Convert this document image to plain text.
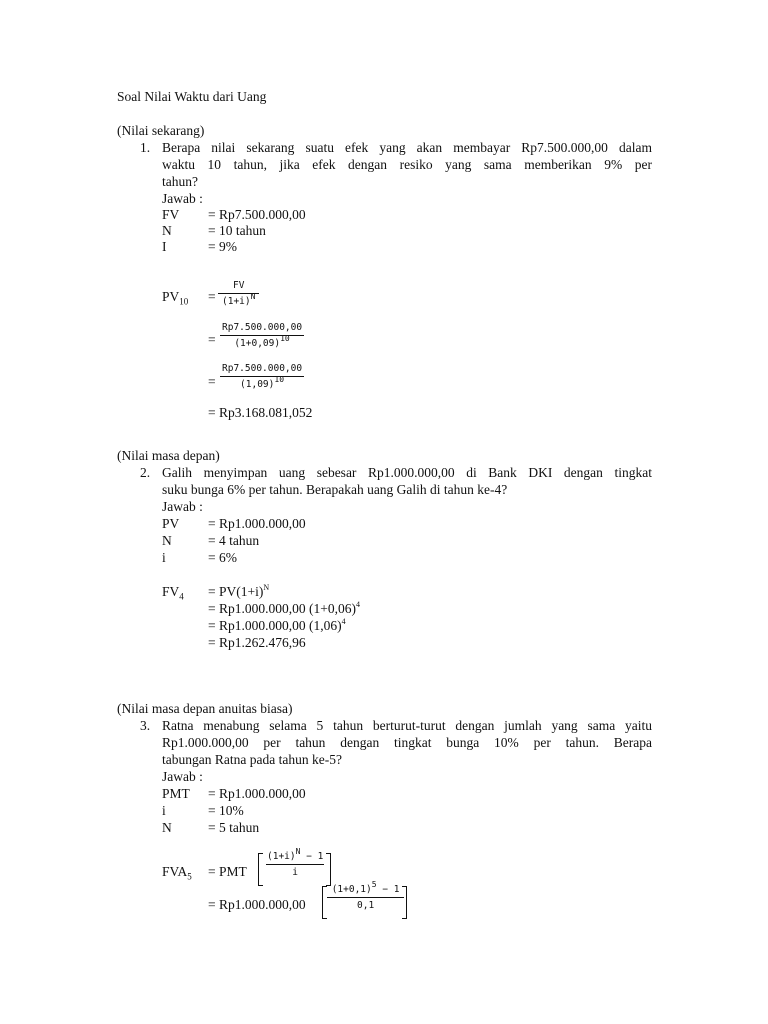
Soal Nilai Waktu dari Uang
(Nilai sekarang)
1. Berapa nilai sekarang suatu efek yang akan membayar Rp7.500.000,00 dalam
waktu 10 tahun, jika efek dengan resiko yang sama memberikan 9% per
tahun?
Jawab :
FV = Rp7.500.000,00
N	= 10 tahun
I	= 9%
$PV_{10} = \frac{FV}{(1+i)^N}$
= $\frac{Rp7.500.000,00}{(1+0,09)^{10}}$
= $\frac{Rp7.500.000,00}{(1,09)^{10}}$
= Rp3.168.081,052
(Nilai masa depan)
2. Galih menyimpan uang sebesar Rp1.000.000,00 di Bank DKI dengan tingkat
suku bunga 6% per tahun. Berapakah uang Galih di tahun ke-4?
Jawab :
PV = Rp1.000.000,00
N	= 4 tahun
i	= 6%
$FV_4 = PV(1+i)^N$
= Rp1.000.000,00 $(1+0,06)^4$
= Rp1.000.000,00 $(1,06)^4$
= Rp1.262.476,96
(Nilai masa depan anuitas biasa)
3. Ratna menabung selama 5 tahun berturut-turut dengan jumlah yang sama yaitu
Rp1.000.000,00 per tahun dengan tingkat bunga 10% per tahun. Berapa
tabungan Ratna pada tahun ke-5?
Jawab :
PMT = Rp1.000.000,00
i	= 10%
N	= 5 tahun
$FVA_5$ = PMT $\frac{(1+i)^N - 1}{i}$
= $Rp1.000.000,00 \frac{(1+0,1)^5 - 1}{0,1}$
